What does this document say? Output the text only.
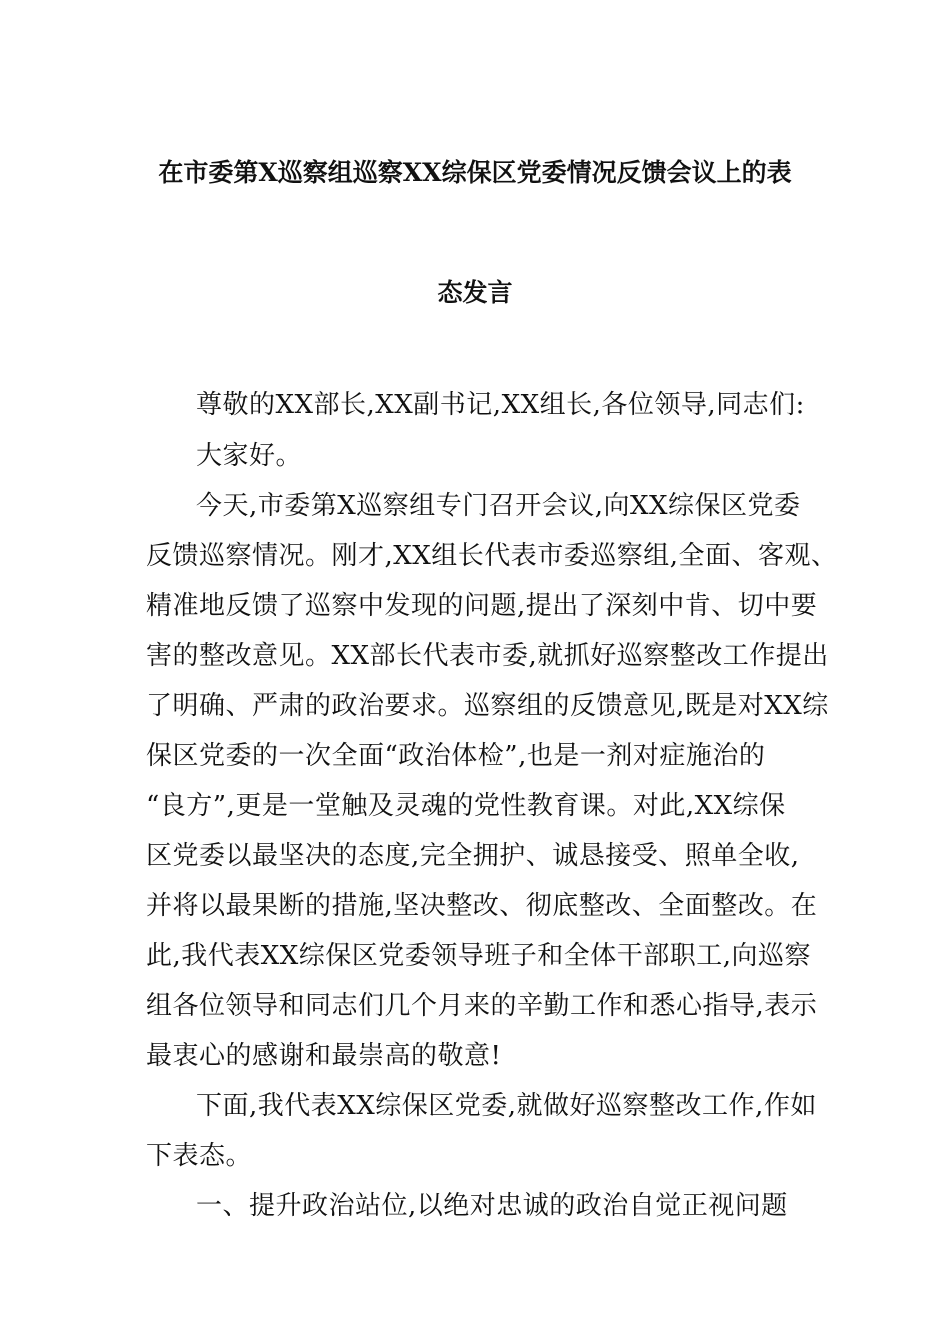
在市委第X巡察组巡察XX综保区党委情况反馈会议上的表
态发言
尊敬的XX部长,XX副书记,XX组长,各位领导,同志们:
大家好。
今天,市委第X巡察组专门召开会议,向XX综保区党委
反馈巡察情况。刚才,XX组长代表市委巡察组,全面、客观、
精准地反馈了巡察中发现的问题,提出了深刻中肯、切中要
害的整改意见。XX部长代表市委,就抓好巡察整改工作提出
了明确、严肃的政治要求。巡察组的反馈意见,既是对XX综
保区党委的一次全面“政治体检”,也是一剂对症施治的
“良方”,更是一堂触及灵魂的党性教育课。对此,XX综保
区党委以最坚决的态度,完全拥护、诚恳接受、照单全收,
并将以最果断的措施,坚决整改、彻底整改、全面整改。在
此,我代表XX综保区党委领导班子和全体干部职工,向巡察
组各位领导和同志们几个月来的辛勤工作和悉心指导,表示
最衷心的感谢和最崇高的敬意!
下面,我代表XX综保区党委,就做好巡察整改工作,作如
下表态。
一、提升政治站位,以绝对忠诚的政治自觉正视问题
